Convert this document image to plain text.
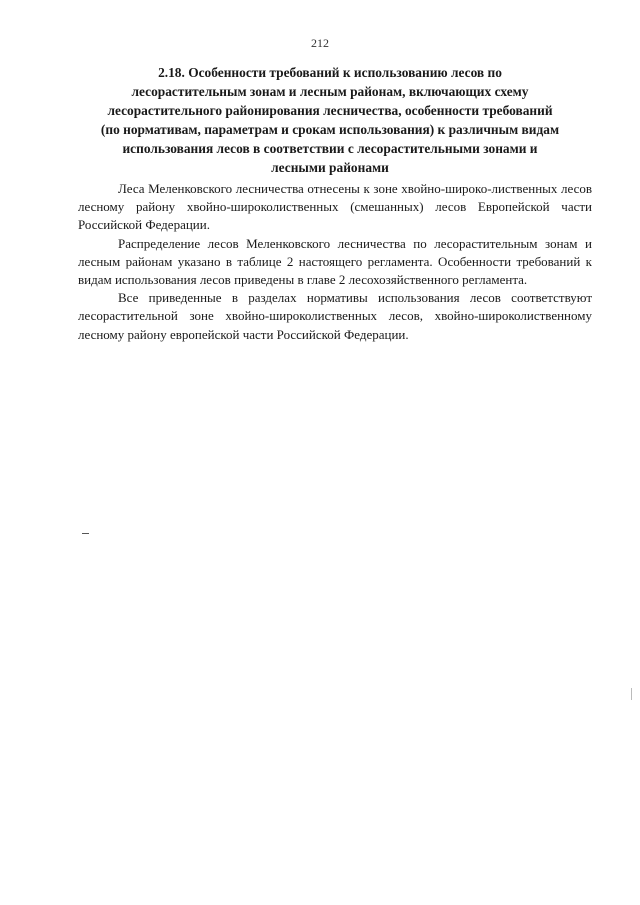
212
2.18. Особенности требований к использованию лесов по
лесорастительным зонам и лесным районам, включающих схему
лесорастительного районирования лесничества, особенности требований
(по нормативам, параметрам и срокам использования) к различным видам
использования лесов в соответствии с лесорастительными зонами и
лесными районами

Леса Меленковского лесничества отнесены к зоне хвойно-широко-лиственных лесов лесному району хвойно-широколиственных (смешанных) лесов Европейской части Российской Федерации.

Распределение лесов Меленковского лесничества по лесорастительным зонам и лесным районам указано в таблице 2 настоящего регламента. Особенности требований к видам использования лесов приведены в главе 2 лесохозяйственного регламента.

Все приведенные в разделах нормативы использования лесов соответствуют лесорастительной зоне хвойно-широколиственных лесов, хвойно-широколиственному лесному району европейской части Российской Федерации.
